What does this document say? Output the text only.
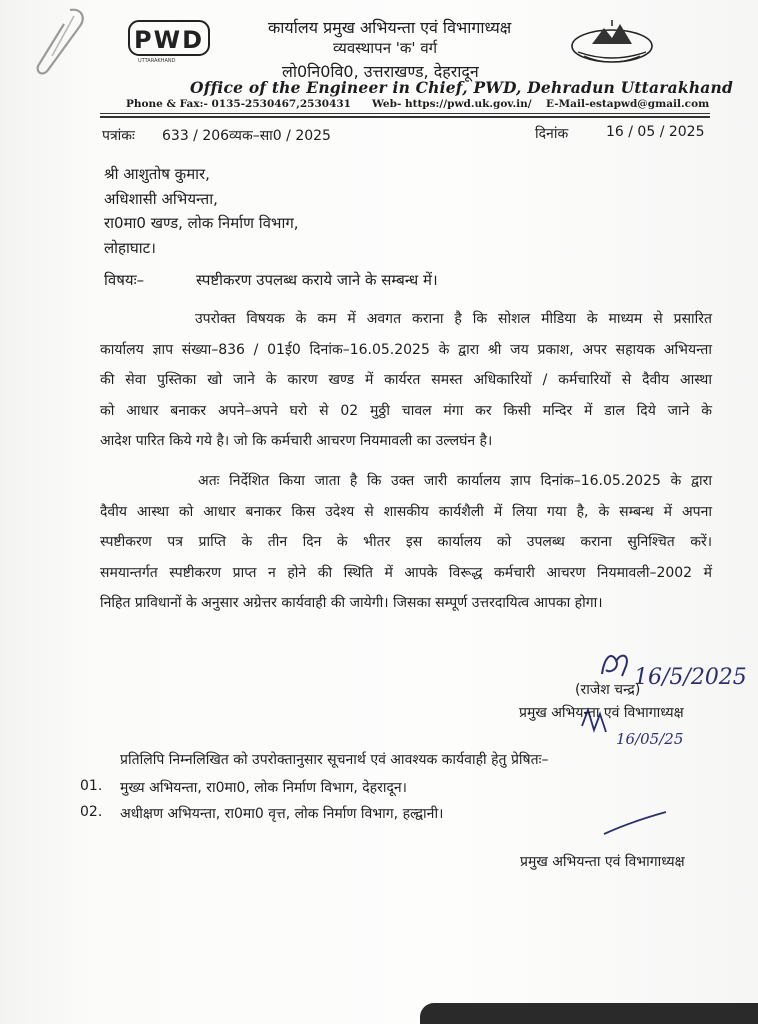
PWD
UTTARAKHAND
कार्यालय प्रमुख अभियन्ता एवं विभागाध्यक्ष
व्यवस्थापन 'क' वर्ग
लो0नि0वि0, उत्तराखण्ड, देहरादून
Office of the Engineer in Chief, PWD, Dehradun Uttarakhand
Phone & Fax:- 0135-2530467,2530431 Web- https://pwd.uk.gov.in/ E-Mail-estapwd@gmail.com
पत्रांकः 633 / 206व्यक–सा0 / 2025	दिनांक	16 / 05 / 2025
श्री आशुतोष कुमार,
अधिशासी अभियन्ता,
रा0मा0 खण्ड, लोक निर्माण विभाग,
लोहाघाट।
विषयः–	स्पष्टीकरण उपलब्ध कराये जाने के सम्बन्ध में।
उपरोक्त विषयक के कम में अवगत कराना है कि सोशल मीडिया के माध्यम से प्रसारित
कार्यालय ज्ञाप संख्या–836 / 01ई0 दिनांक–16.05.2025 के द्वारा श्री जय प्रकाश, अपर सहायक अभियन्ता
की सेवा पुस्तिका खो जाने के कारण खण्ड में कार्यरत समस्त अधिकारियों / कर्मचारियों से दैवीय आस्था
को आधार बनाकर अपने–अपने घरो से 02 मुठ्ठी चावल मंगा कर किसी मन्दिर में डाल दिये जाने के
आदेश पारित किये गये है। जो कि कर्मचारी आचरण नियमावली का उल्लघंन है।
अतः निर्देशित किया जाता है कि उक्त जारी कार्यालय ज्ञाप दिनांक–16.05.2025 के द्वारा
दैवीय आस्था को आधार बनाकर किस उदेश्य से शासकीय कार्यशैली में लिया गया है, के सम्बन्ध में अपना
स्पष्टीकरण पत्र प्राप्ति के तीन दिन के भीतर इस कार्यालय को उपलब्ध कराना सुनिश्चित करें।
समयान्तर्गत स्पष्टीकरण प्राप्त न होने की स्थिति में आपके विरूद्ध कर्मचारी आचरण नियमावली–2002 में
निहित प्राविधानों के अनुसार अग्रेत्तर कार्यवाही की जायेगी। जिसका सम्पूर्ण उत्तरदायित्व आपका होगा।
16/5/2025
16/05/25
(राजेश चन्द्र)
प्रमुख अभियन्ता एवं विभागाध्यक्ष
प्रतिलिपि निम्नलिखित को उपरोक्तानुसार सूचनार्थ एवं आवश्यक कार्यवाही हेतु प्रेषितः–
01. मुख्य अभियन्ता, रा0मा0, लोक निर्माण विभाग, देहरादून।
02. अधीक्षण अभियन्ता, रा0मा0 वृत्त, लोक निर्माण विभाग, हल्द्वानी।
प्रमुख अभियन्ता एवं विभागाध्यक्ष
